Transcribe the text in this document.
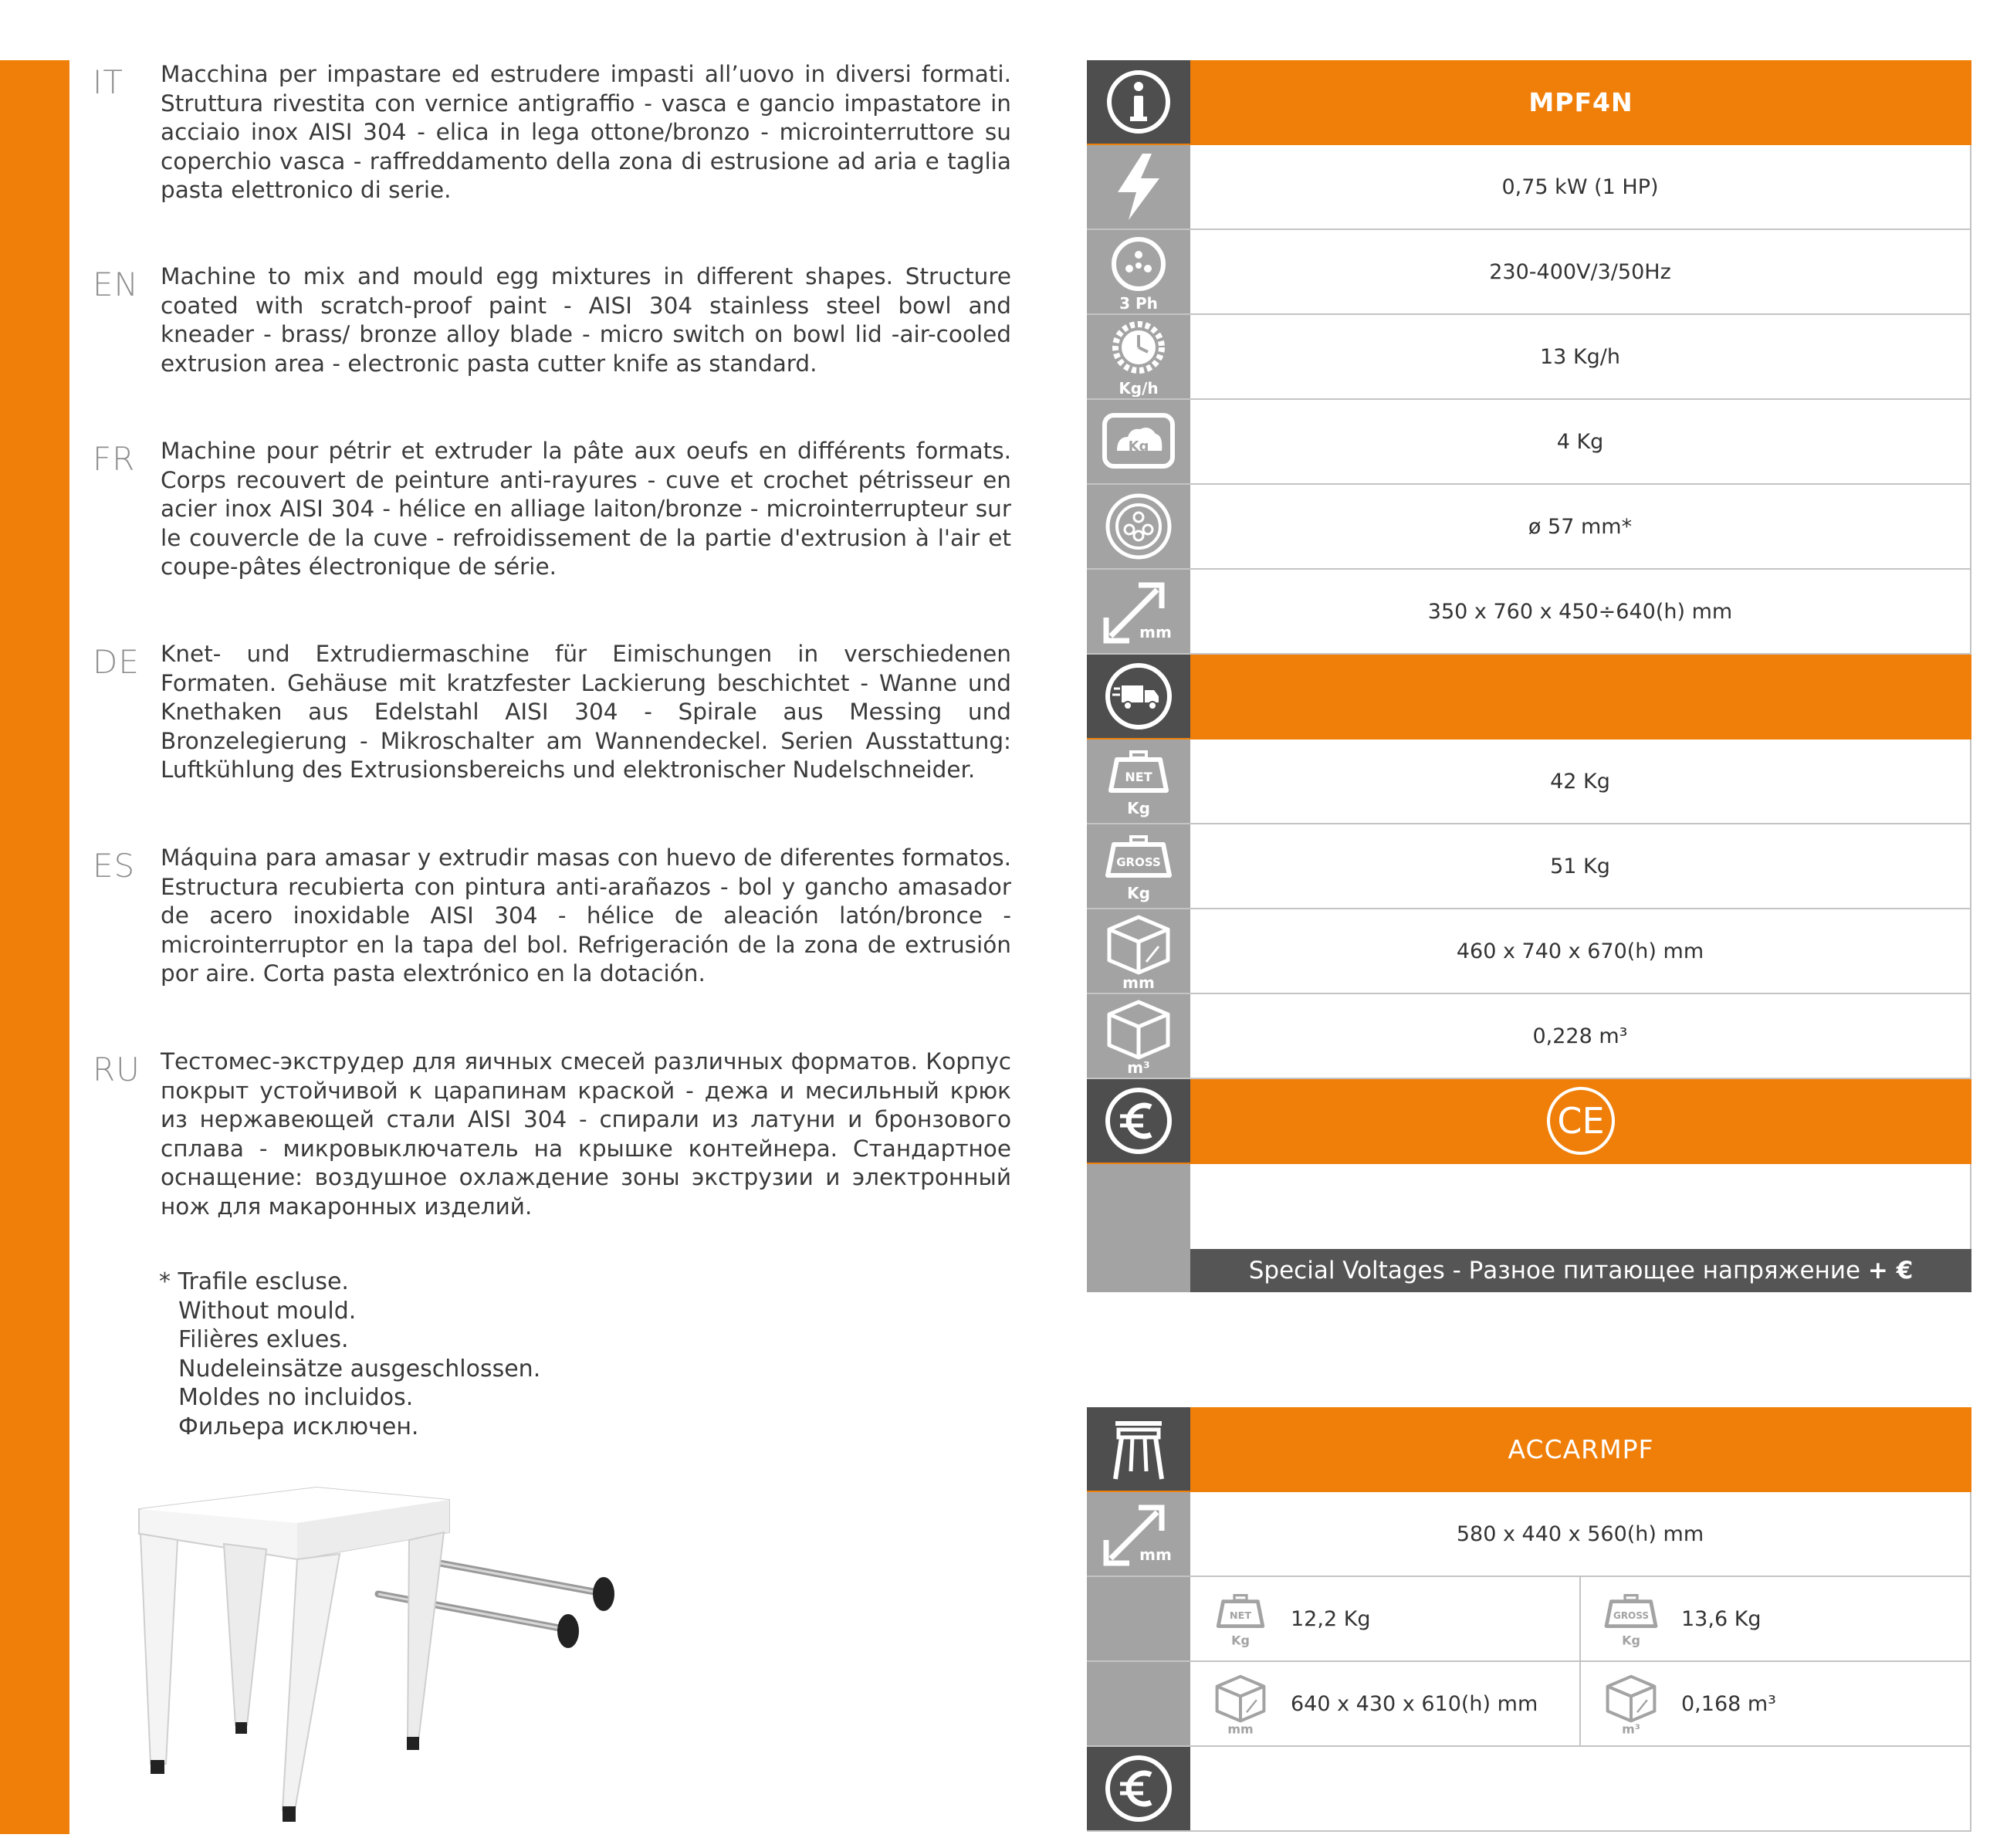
IT Macchina per impastare ed estrudere impasti all’uovo in diversi formati. Struttura rivestita con vernice antigraffio - vasca e gancio impastatore in acciaio inox AISI 304 - elica in lega ottone/bronzo - microinterruttore su coperchio vasca - raffreddamento della zona di estrusione ad aria e taglia pasta elettronico di serie.

EN Machine to mix and mould egg mixtures in different shapes. Structure coated with scratch-proof paint - AISI 304 stainless steel bowl and kneader - brass/ bronze alloy blade - micro switch on bowl lid -air-cooled extrusion area - electronic pasta cutter knife as standard.

FR Machine pour pétrir et extruder la pâte aux oeufs en différents formats. Corps recouvert de peinture anti-rayures - cuve et crochet pétrisseur en acier inox AISI 304 - hélice en alliage laiton/bronze - microinterrupteur sur le couvercle de la cuve - refroidissement de la partie d'extrusion à l'air et coupe-pâtes électronique de série.

DE Knet- und Extrudiermaschine für Eimischungen in verschiedenen Formaten. Gehäuse mit kratzfester Lackierung beschichtet - Wanne und Knethaken aus Edelstahl AISI 304 - Spirale aus Messing und Bronzelegierung - Mikroschalter am Wannendeckel. Serien Ausstattung: Luftkühlung des Extrusionsbereichs und elektronischer Nudelschneider.

ES Máquina para amasar y extrudir masas con huevo de diferentes formatos. Estructura recubierta con pintura anti-arañazos - bol y gancho amasador de acero inoxidable AISI 304 - hélice de aleación latón/bronce - microinterruptor en la tapa del bol. Refrigeración de la zona de extrusión por aire. Corta pasta elextrónico en la dotación.

RU Тестомес-экструдер для яичных смесей различных форматов. Корпус покрыт устойчивой к царапинам краской - дежа и месильный крюк из нержавеющей стали AISI 304 - спирали из латуни и бронзового сплава - микровыключатель на крышке контейнера. Стандартное оснащение: воздушное охлаждение зоны экструзии и электронный нож для макаронных изделий.

* Trafile escluse.
Without mould.
Filières exlues.
Nudeleinsätze ausgeschlossen.
Moldes no incluidos.
Фильера исключен.
MPF4N
0,75 kW (1 HP)
3 Ph
230-400V/3/50Hz
Kg/h
13 Kg/h
Kg	4 Kg
ø 57 mm*
mm
350 x 760 x 450÷640(h) mm
NET
Kg
42 Kg
GROSS
Kg
51 Kg
mm
460 x 740 x 670(h) mm
m³
0,228 m³
CE
Special Voltages - Разное питающее напряжение
+ €
ACCARMPF
mm
580 x 440 x 560(h) mm
NET
Kg
12,2 Kg	GROSS
Kg
13,6 Kg
mm
640 x 430 x 610(h) mm
m³
0,168 m³
